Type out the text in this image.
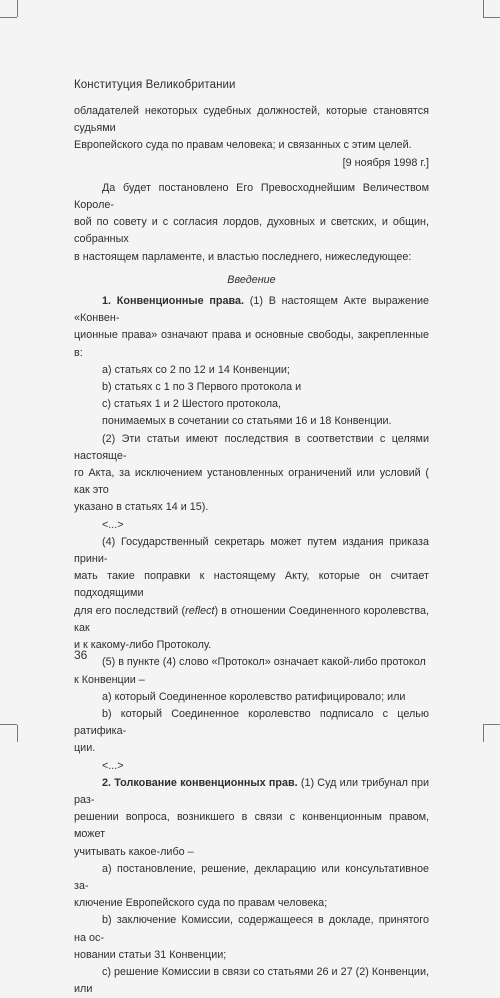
Конституция Великобритании

обладателей некоторых судебных должностей, которые становятся судьями

Европейского суда по правам человека; и связанных с этим целей.

[9 ноября 1998 г.]

Да будет постановлено Его Превосходнейшим Величеством Короле-

вой по совету и с согласия лордов, духовных и светских, и общин, собранных

в настоящем парламенте, и властью последнего, нижеследующее:

Введение

1. Конвенционные права. (1) В настоящем Акте выражение «Конвен-

ционные права» означают права и основные свободы, закрепленные в:

а) статьях со 2 по 12 и 14 Конвенции;

b) статьях с 1 по 3 Первого протокола и

с) статьях 1 и 2 Шестого протокола,

понимаемых в сочетании со статьями 16 и 18 Конвенции.

(2) Эти статьи имеют последствия в соответствии с целями настоящe-

го Акта, за исключением установленных ограничений или условий ( как это

указано в статьях 14 и 15).

<...>

(4) Государственный секретарь может путем издания приказа прини-

мать такие поправки к настоящему Акту, которые он считает подходящими

для его последствий (reflect) в отношении Соединенного королевства, как

и к какому-либо Протоколу.

(5) в пункте (4) слово «Протокол» означает какой-либо протокол

к Конвенции –

а) который Соединенное королевство ратифицировало; или

b) который Соединенное королевство подписало с целью ратифика-

ции.

<...>

2. Толкование конвенционных прав. (1) Суд или трибунал при раз-

решении вопроса, возникшего в связи с конвенционным правом, может

учитывать какое-либо –

а) постановление, решение, декларацию или консультативное за-

ключение Европейского суда по правам человека;

b) заключение Комиссии, содержащееся в докладе, принятого на ос-

новании статьи 31 Конвенции;

с) решение Комиссии в связи со статьями 26 и 27 (2) Конвенции, или

36
